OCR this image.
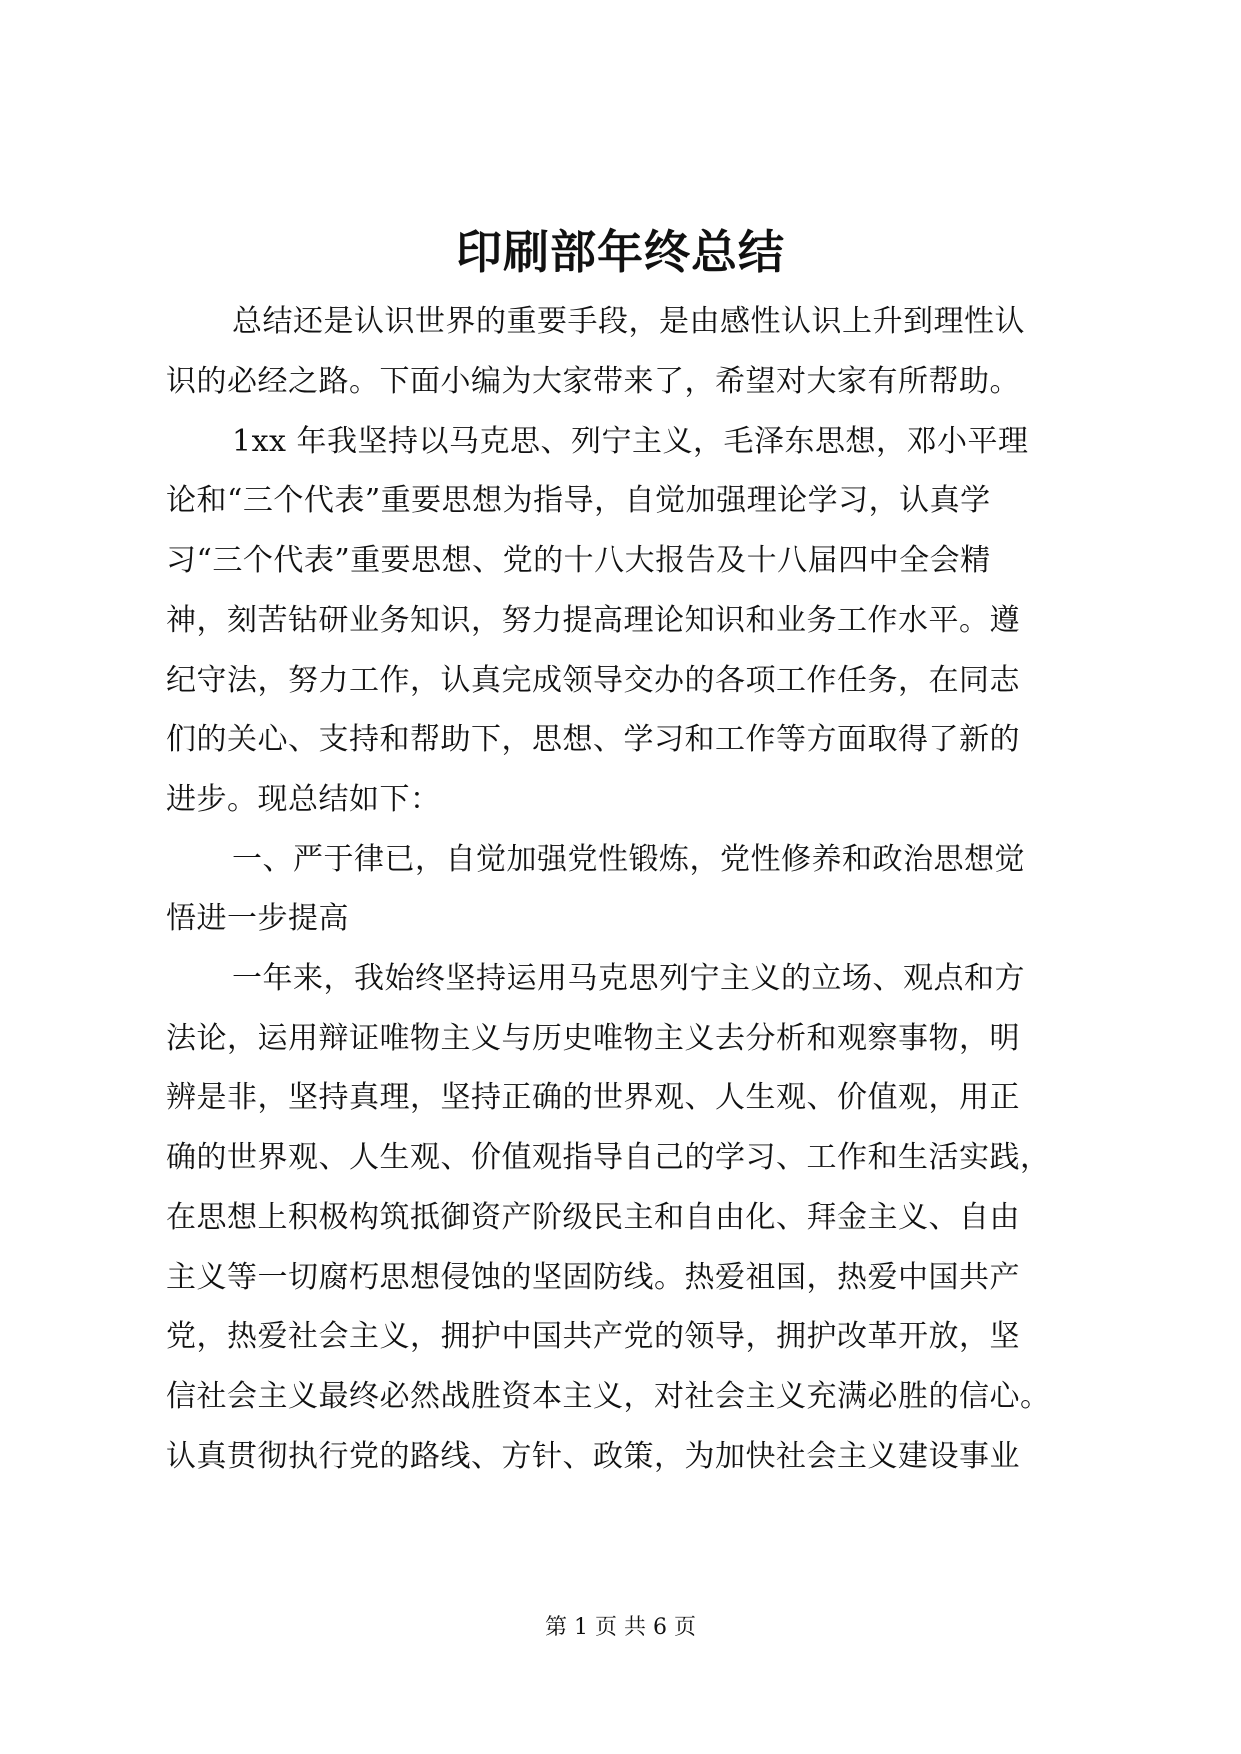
印刷部年终总结
总结还是认识世界的重要手段，是由感性认识上升到理性认
识的必经之路。下面小编为大家带来了，希望对大家有所帮助。
1xx 年我坚持以马克思、列宁主义，毛泽东思想，邓小平理
论和“三个代表”重要思想为指导，自觉加强理论学习，认真学
习“三个代表”重要思想、党的十八大报告及十八届四中全会精
神，刻苦钻研业务知识，努力提高理论知识和业务工作水平。遵
纪守法，努力工作，认真完成领导交办的各项工作任务，在同志
们的关心、支持和帮助下，思想、学习和工作等方面取得了新的
进步。现总结如下：
一、严于律已，自觉加强党性锻炼，党性修养和政治思想觉
悟进一步提高
一年来，我始终坚持运用马克思列宁主义的立场、观点和方
法论，运用辩证唯物主义与历史唯物主义去分析和观察事物，明
辨是非，坚持真理，坚持正确的世界观、人生观、价值观，用正
确的世界观、人生观、价值观指导自己的学习、工作和生活实践，
在思想上积极构筑抵御资产阶级民主和自由化、拜金主义、自由
主义等一切腐朽思想侵蚀的坚固防线。热爱祖国，热爱中国共产
党，热爱社会主义，拥护中国共产党的领导，拥护改革开放，坚
信社会主义最终必然战胜资本主义，对社会主义充满必胜的信心。
认真贯彻执行党的路线、方针、政策，为加快社会主义建设事业
第 1 页 共 6 页
